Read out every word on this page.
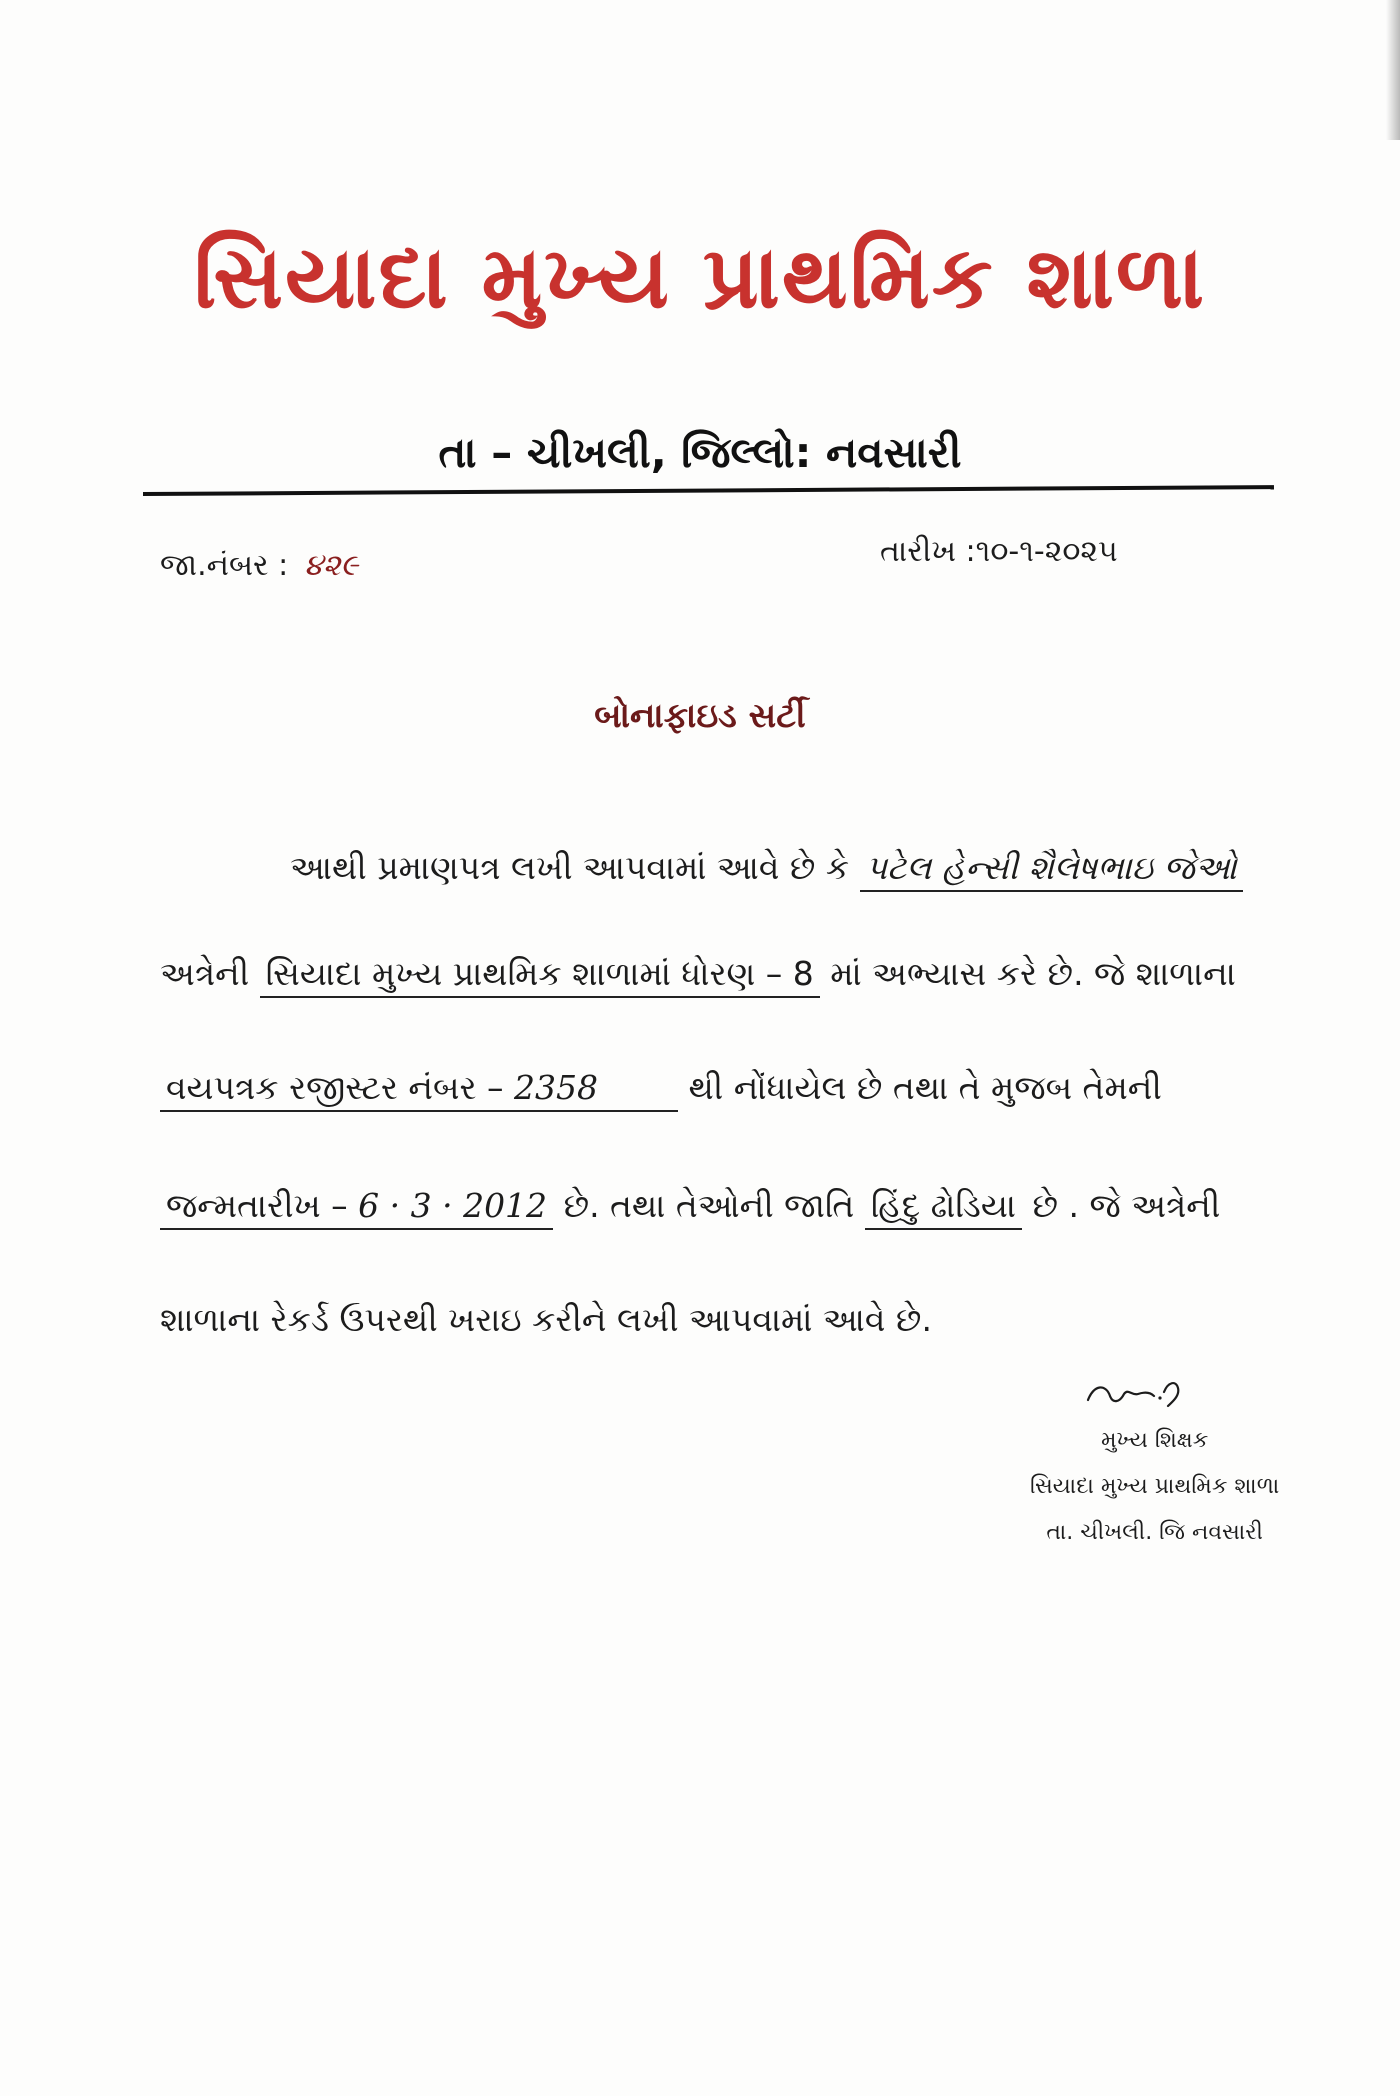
સિયાદા મુખ્ય પ્રાથમિક શાળા
તા – ચીખલી, જિલ્લો: નવસારી
જા.નંબર : ૪૨૯	તારીખ :૧૦-૧-૨૦૨૫
બોનાફાઇડ સર્ટી
આથી પ્રમાણપત્ર લખી આપવામાં આવે છે કે પટેલ હેન્સી શૈલેષભાઇ જેઓ
અત્રેની સિયાદા મુખ્ય પ્રાથમિક શાળામાં ધોરણ – 8 માં અભ્યાસ કરે છે. જે શાળાના
વયપત્રક રજીસ્ટર નંબર – 2358	થી નોંધાયેલ છે તથા તે મુજબ તેમની
જન્મતારીખ – 6 · 3 · 2012 છે. તથા તેઓની જાતિ હિંદુ ઢોડિયા છે . જે અત્રેની
શાળાના રેકર્ડ ઉપરથી ખરાઇ કરીને લખી આપવામાં આવે છે.
મુખ્ય શિક્ષક
સિયાદા મુખ્ય પ્રાથમિક શાળા
તા. ચીખલી. જિ નવસારી
